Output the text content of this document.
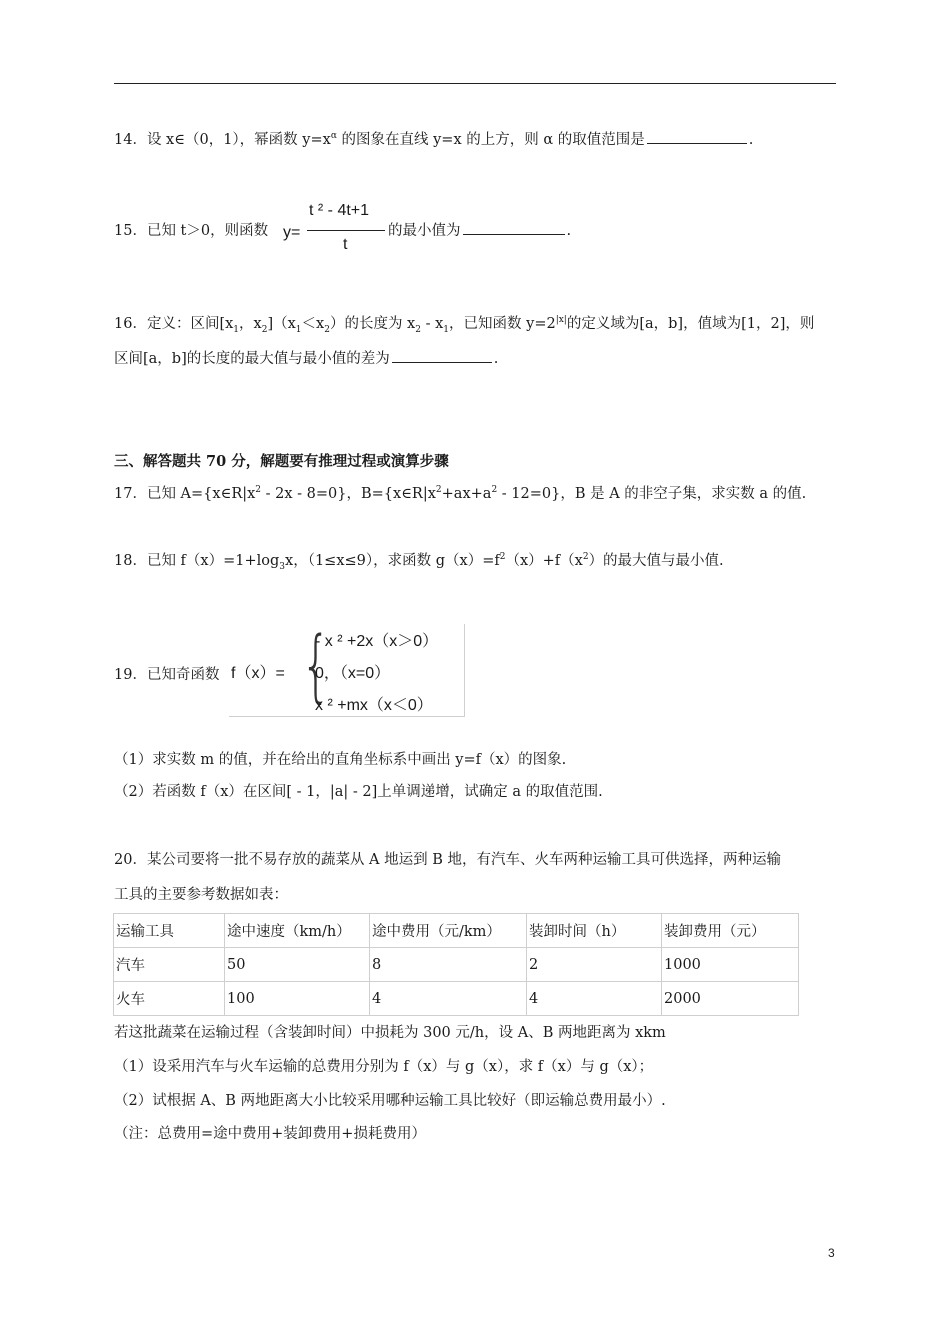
14．设 x∈（0，1），幂函数 $y=x^\alpha$ 的图象在直线 y=x 的上方，则 α 的取值范围是	.
15．已知 t＞0，则函数 y=
t ² - 4t+1
t
的最小值为	.
16．定义：区间[$x_1$，$x_2](x_1<x_2)$的长度为 $x_2 - x_1$，已知函数 $y=2^{|x|}$的定义域为[a，b]，值域为[1，2]，则
区间[a，b]的长度的最大值与最小值的差为	.
三、解答题共 70 分，解题要有推理过程或演算步骤
17．已知 $A=\{x\in R|x^2 - 2x - 8=0\}$，$B=\{x\in R|x^2+ax+a^2 - 12=0\}$，B 是 A 的非空子集，求实数 a 的值.
18．已知 $f(x)=1+\log_3x$，（1≤x≤9），求函数 $g(x)=f^2(x)+f(x^2)$的最大值与最小值.
19．已知奇函数 f（x）= {
- x ² +2x（x＞0）
0，（x=0）
x ² +mx（x＜0）
（1）求实数 m 的值，并在给出的直角坐标系中画出 y=f（x）的图象.
（2）若函数 f（x）在区间[ - 1，|a| - 2]上单调递增，试确定 a 的取值范围.
20．某公司要将一批不易存放的蔬菜从 A 地运到 B 地，有汽车、火车两种运输工具可供选择，两种运输
工具的主要参考数据如表：
运输工具	途中速度（km/h）	途中费用（元/km）	装卸时间（h）	装卸费用（元）
汽车	50	8	2	1000
火车	100	4	4	2000
若这批蔬菜在运输过程（含装卸时间）中损耗为 300 元/h，设 A、B 两地距离为 xkm
（1）设采用汽车与火车运输的总费用分别为 f（x）与 g（x），求 f（x）与 g（x）；
（2）试根据 A、B 两地距离大小比较采用哪种运输工具比较好（即运输总费用最小）.
（注：总费用=途中费用+装卸费用+损耗费用）
3
